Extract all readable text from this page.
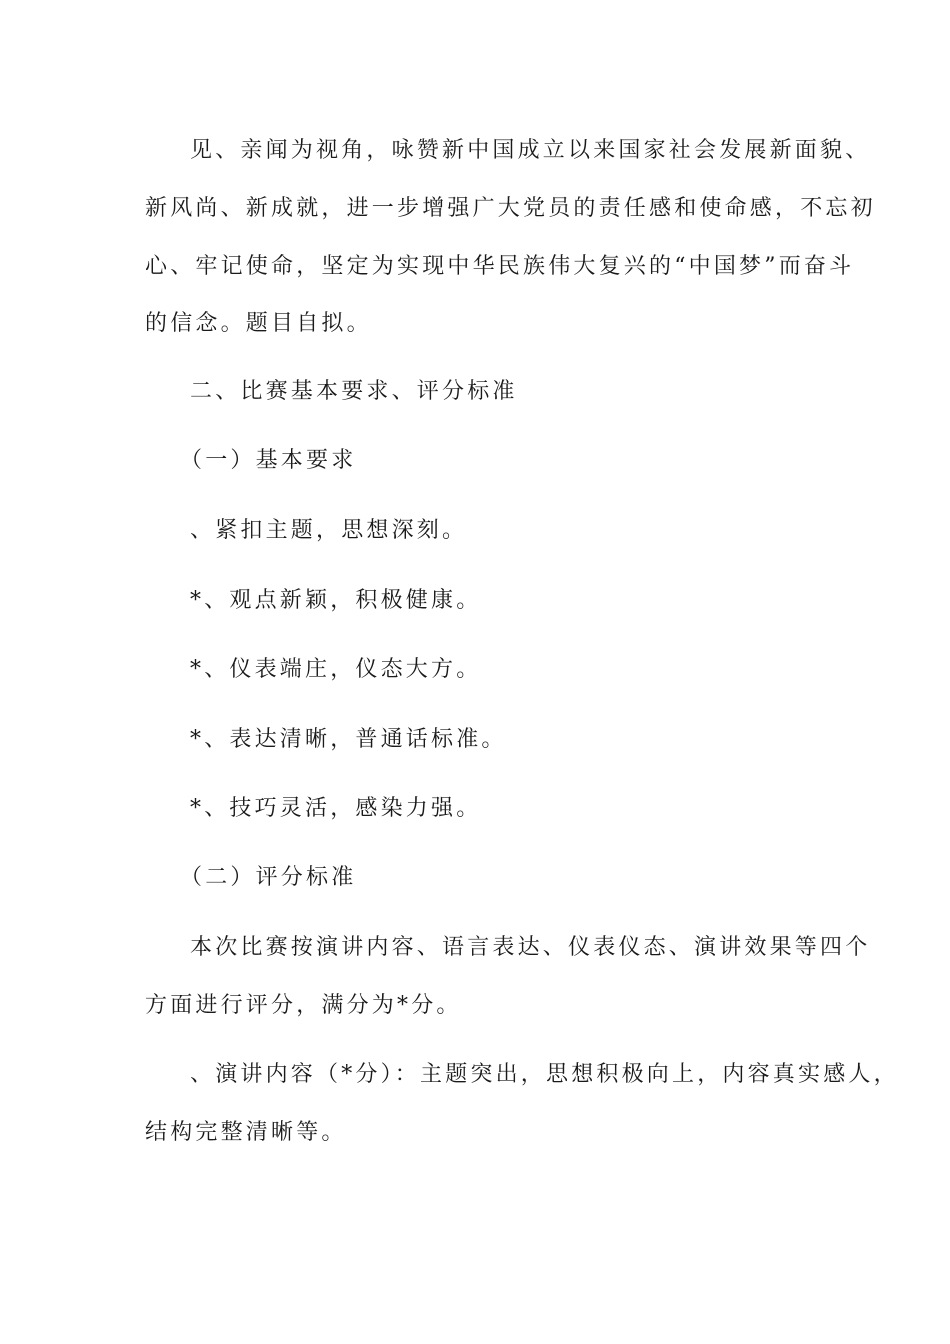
见、亲闻为视角，咏赞新中国成立以来国家社会发展新面貌、
新风尚、新成就，进一步增强广大党员的责任感和使命感，不忘初
心、牢记使命，坚定为实现中华民族伟大复兴的“中国梦”而奋斗
的信念。题目自拟。
二、比赛基本要求、评分标准
（一）基本要求
、紧扣主题，思想深刻。
*、观点新颖，积极健康。
*、仪表端庄，仪态大方。
*、表达清晰，普通话标准。
*、技巧灵活，感染力强。
（二）评分标准
本次比赛按演讲内容、语言表达、仪表仪态、演讲效果等四个
方面进行评分，满分为*分。
、演讲内容（*分）：主题突出，思想积极向上，内容真实感人，
结构完整清晰等。
